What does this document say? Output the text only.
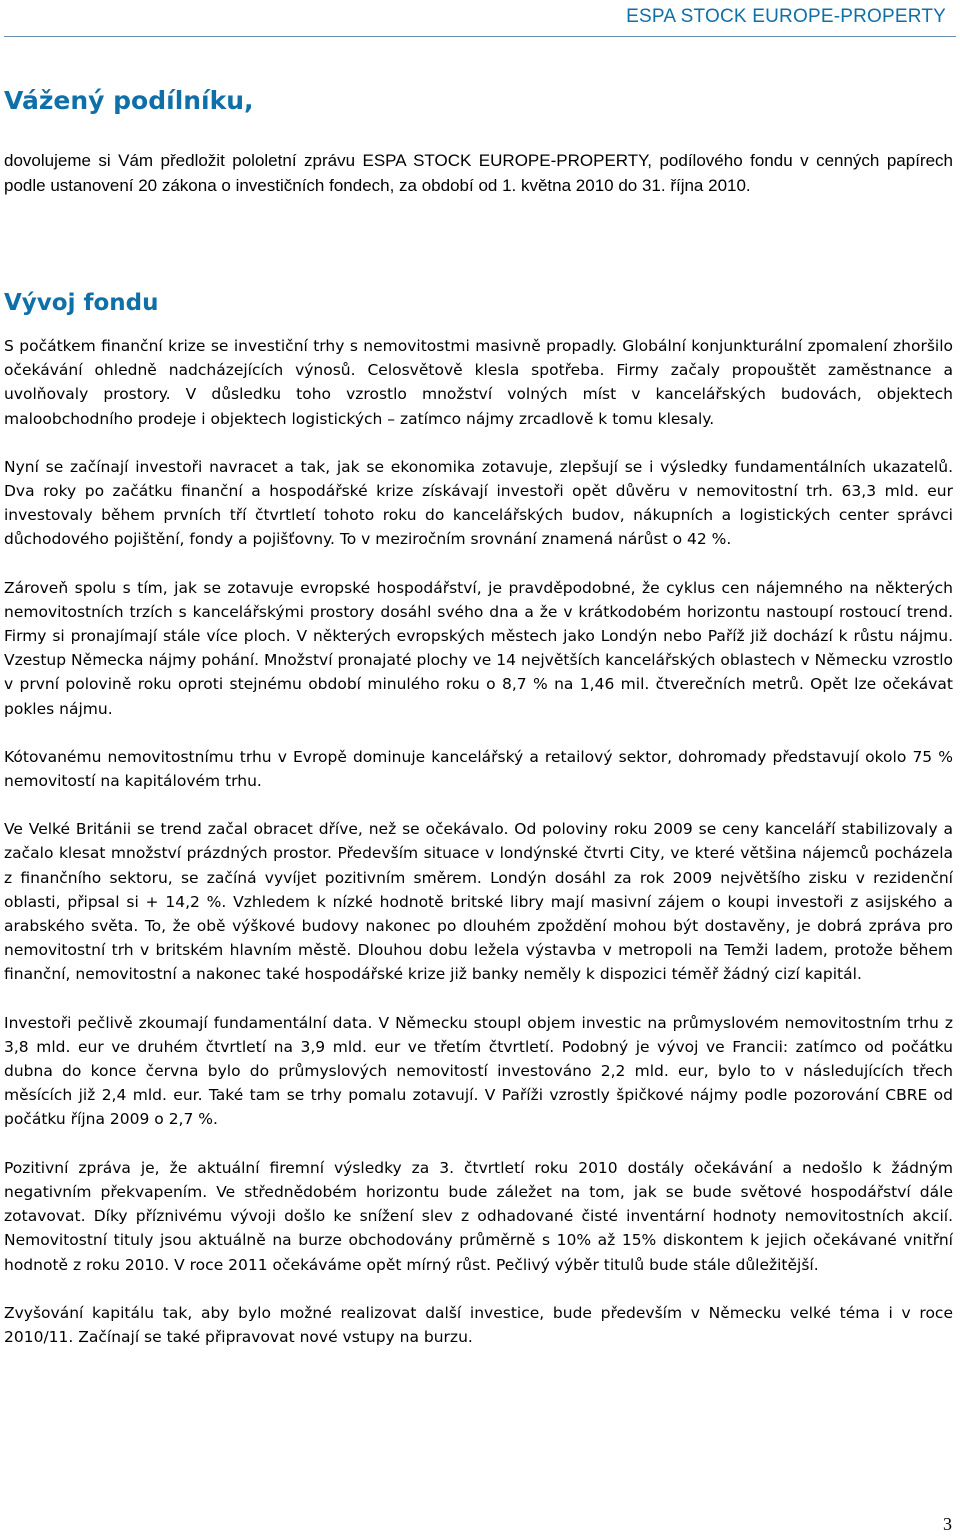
ESPA STOCK EUROPE-PROPERTY
Vážený podílníku,

dovolujeme si Vám předložit pololetní zprávu ESPA STOCK EUROPE-PROPERTY, podílového fondu v cenných papírech podle ustanovení 20 zákona o investičních fondech, za období od 1. května 2010 do 31. října 2010.

Vývoj fondu

S počátkem finanční krize se investiční trhy s nemovitostmi masivně propadly. Globální konjunkturální zpomalení zhoršilo očekávání ohledně nadcházejících výnosů. Celosvětově klesla spotřeba. Firmy začaly propouštět zaměstnance a uvolňovaly prostory. V důsledku toho vzrostlo množství volných míst v kancelářských budovách, objektech maloobchodního prodeje i objektech logistických – zatímco nájmy zrcadlově k tomu klesaly.

Nyní se začínají investoři navracet a tak, jak se ekonomika zotavuje, zlepšují se i výsledky fundamentálních ukazatelů. Dva roky po začátku finanční a hospodářské krize získávají investoři opět důvěru v nemovitostní trh. 63,3 mld. eur investovaly během prvních tří čtvrtletí tohoto roku do kancelářských budov, nákupních a logistických center správci důchodového pojištění, fondy a pojišťovny. To v meziročním srovnání znamená nárůst o 42 %.

Zároveň spolu s tím, jak se zotavuje evropské hospodářství, je pravděpodobné, že cyklus cen nájemného na některých nemovitostních trzích s kancelářskými prostory dosáhl svého dna a že v krátkodobém horizontu nastoupí rostoucí trend. Firmy si pronajímají stále více ploch. V některých evropských městech jako Londýn nebo Paříž již dochází k růstu nájmu. Vzestup Německa nájmy pohání. Množství pronajaté plochy ve 14 největších kancelářských oblastech v Německu vzrostlo v první polovině roku oproti stejnému období minulého roku o 8,7 % na 1,46 mil. čtverečních metrů. Opět lze očekávat pokles nájmu.

Kótovanému nemovitostnímu trhu v Evropě dominuje kancelářský a retailový sektor, dohromady představují okolo 75 % nemovitostí na kapitálovém trhu.

Ve Velké Británii se trend začal obracet dříve, než se očekávalo. Od poloviny roku 2009 se ceny kanceláří stabilizovaly a začalo klesat množství prázdných prostor. Především situace v londýnské čtvrti City, ve které většina nájemců pocházela z finančního sektoru, se začíná vyvíjet pozitivním směrem. Londýn dosáhl za rok 2009 největšího zisku v rezidenční oblasti, připsal si + 14,2 %. Vzhledem k nízké hodnotě britské libry mají masivní zájem o koupi investoři z asijského a arabského světa. To, že obě výškové budovy nakonec po dlouhém zpoždění mohou být dostavěny, je dobrá zpráva pro nemovitostní trh v britském hlavním městě. Dlouhou dobu ležela výstavba v metropoli na Temži ladem, protože během finanční, nemovitostní a nakonec také hospodářské krize již banky neměly k dispozici téměř žádný cizí kapitál.

Investoři pečlivě zkoumají fundamentální data. V Německu stoupl objem investic na průmyslovém nemovitostním trhu z 3,8 mld. eur ve druhém čtvrtletí na 3,9 mld. eur ve třetím čtvrtletí. Podobný je vývoj ve Francii: zatímco od počátku dubna do konce června bylo do průmyslových nemovitostí investováno 2,2 mld. eur, bylo to v následujících třech měsících již 2,4 mld. eur. Také tam se trhy pomalu zotavují. V Paříži vzrostly špičkové nájmy podle pozorování CBRE od počátku října 2009 o 2,7 %.

Pozitivní zpráva je, že aktuální firemní výsledky za 3. čtvrtletí roku 2010 dostály očekávání a nedošlo k žádným negativním překvapením. Ve střednědobém horizontu bude záležet na tom, jak se bude světové hospodářství dále zotavovat. Díky příznivému vývoji došlo ke snížení slev z odhadované čisté inventární hodnoty nemovitostních akcií. Nemovitostní tituly jsou aktuálně na burze obchodovány průměrně s 10% až 15% diskontem k jejich očekávané vnitřní hodnotě z roku 2010. V roce 2011 očekáváme opět mírný růst. Pečlivý výběr titulů bude stále důležitější.

Zvyšování kapitálu tak, aby bylo možné realizovat další investice, bude především v Německu velké téma i v roce 2010/11. Začínají se také připravovat nové vstupy na burzu.

3
